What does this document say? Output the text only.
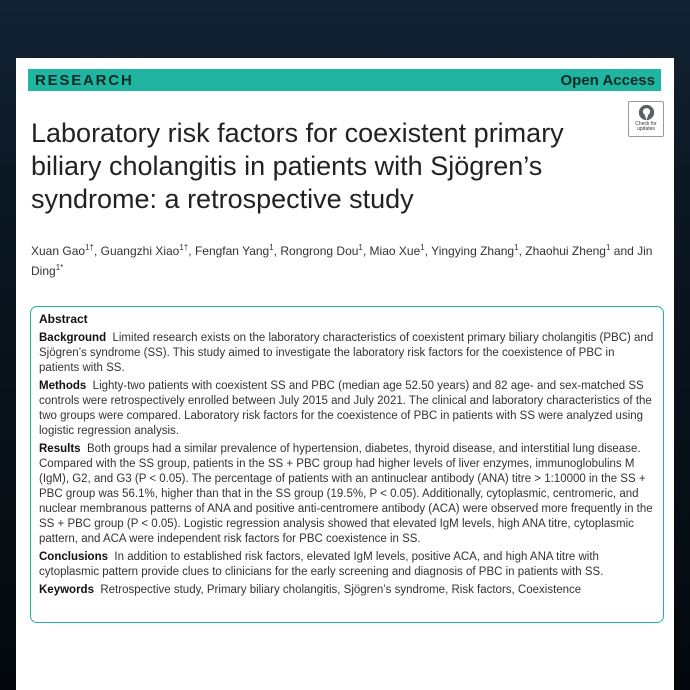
RESEARCH	Open Access
Check for
updates
Laboratory risk factors for coexistent primary biliary cholangitis in patients with Sjögren’s syndrome: a retrospective study
Xuan Gao$^{1\dagger}$, Guangzhi Xiao$^{1\dagger}$, Fengfan Yang$^1$, Rongrong Dou$^1$, Miao Xue$^1$, Yingying Zhang$^1$, Zhaohui Zheng$^1$ and Jin Ding$^{1*}$
Abstract

Background Limited research exists on the laboratory characteristics of coexistent primary biliary cholangitis (PBC) and Sjögren’s syndrome (SS). This study aimed to investigate the laboratory risk factors for the coexistence of PBC in patients with SS.

Methods Lighty-two patients with coexistent SS and PBC (median age 52.50 years) and 82 age- and sex-matched SS controls were retrospectively enrolled between July 2015 and July 2021. The clinical and laboratory characteristics of the two groups were compared. Laboratory risk factors for the coexistence of PBC in patients with SS were analyzed using logistic regression analysis.

Results Both groups had a similar prevalence of hypertension, diabetes, thyroid disease, and interstitial lung disease. Compared with the SS group, patients in the SS + PBC group had higher levels of liver enzymes, immunoglobulins M (IgM), G2, and G3 (P < 0.05). The percentage of patients with an antinuclear antibody (ANA) titre > 1:10000 in the SS + PBC group was 56.1%, higher than that in the SS group (19.5%, P < 0.05). Additionally, cytoplasmic, centromeric, and nuclear membranous patterns of ANA and positive anti-centromere antibody (ACA) were observed more frequently in the SS + PBC group (P < 0.05). Logistic regression analysis showed that elevated IgM levels, high ANA titre, cytoplasmic pattern, and ACA were independent risk factors for PBC coexistence in SS.

Conclusions In addition to established risk factors, elevated IgM levels, positive ACA, and high ANA titre with cytoplasmic pattern provide clues to clinicians for the early screening and diagnosis of PBC in patients with SS.

Keywords Retrospective study, Primary biliary cholangitis, Sjögren’s syndrome, Risk factors, Coexistence
